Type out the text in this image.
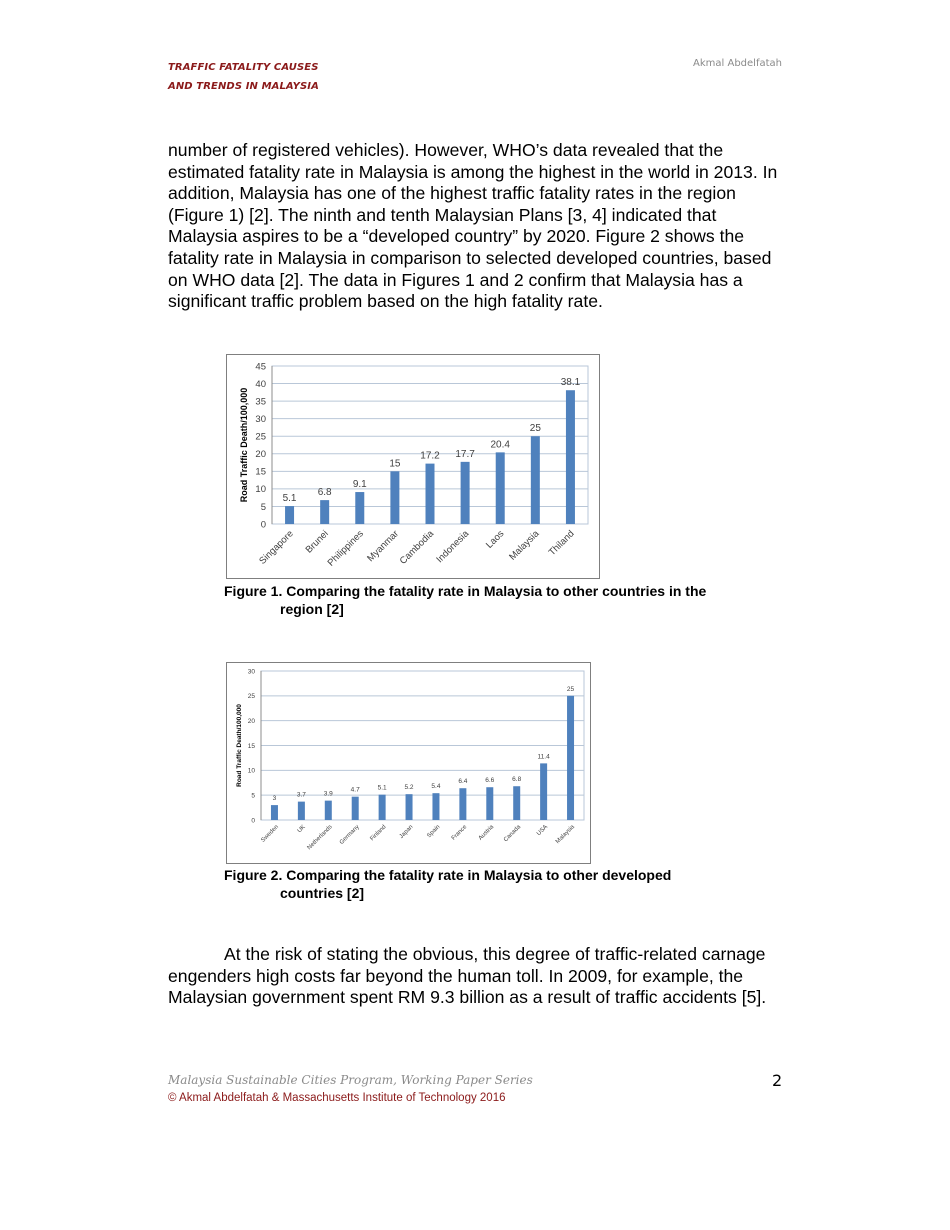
TRAFFIC FATALITY CAUSES
AND TRENDS IN MALAYSIA
Akmal Abdelfatah
number of registered vehicles). However, WHO’s data revealed that the estimated fatality rate in Malaysia is among the highest in the world in 2013. In addition, Malaysia has one of the highest traffic fatality rates in the region (Figure 1) [2]. The ninth and tenth Malaysian Plans [3, 4] indicated that Malaysia aspires to be a “developed country” by 2020. Figure 2 shows the fatality rate in Malaysia in comparison to selected developed countries, based on WHO data [2]. The data in Figures 1 and 2 confirm that Malaysia has a significant traffic problem based on the high fatality rate.
0
5
10
15
20
25
30
35
40
45
Road Traffic Death/100,000	5.1
Singapore
6.8
Brunei
9.1
Philippines
15
Myanmar
17.2
Cambodia
17.7
Indonesia
20.4
Laos
25
Malaysia
38.1
Thiland
Figure 1. Comparing the fatality rate in Malaysia to other countries in the
region [2]
0
5
10
15
20
25
30
Road Traffic Death/100,000
3
Sweden
3.7
UK
3.9
Netherlands
4.7
Germany
5.1
Finland
5.2
Japan
5.4
Spain
6.4
France
6.6
Austria
6.8
Canada
11.4
USA
25
Malaysia
Figure 2. Comparing the fatality rate in Malaysia to other developed
countries [2]
At the risk of stating the obvious, this degree of traffic-related carnage engenders high costs far beyond the human toll. In 2009, for example, the Malaysian government spent RM 9.3 billion as a result of traffic accidents [5].
Malaysia Sustainable Cities Program, Working Paper Series
© Akmal Abdelfatah & Massachusetts Institute of Technology 2016
2
